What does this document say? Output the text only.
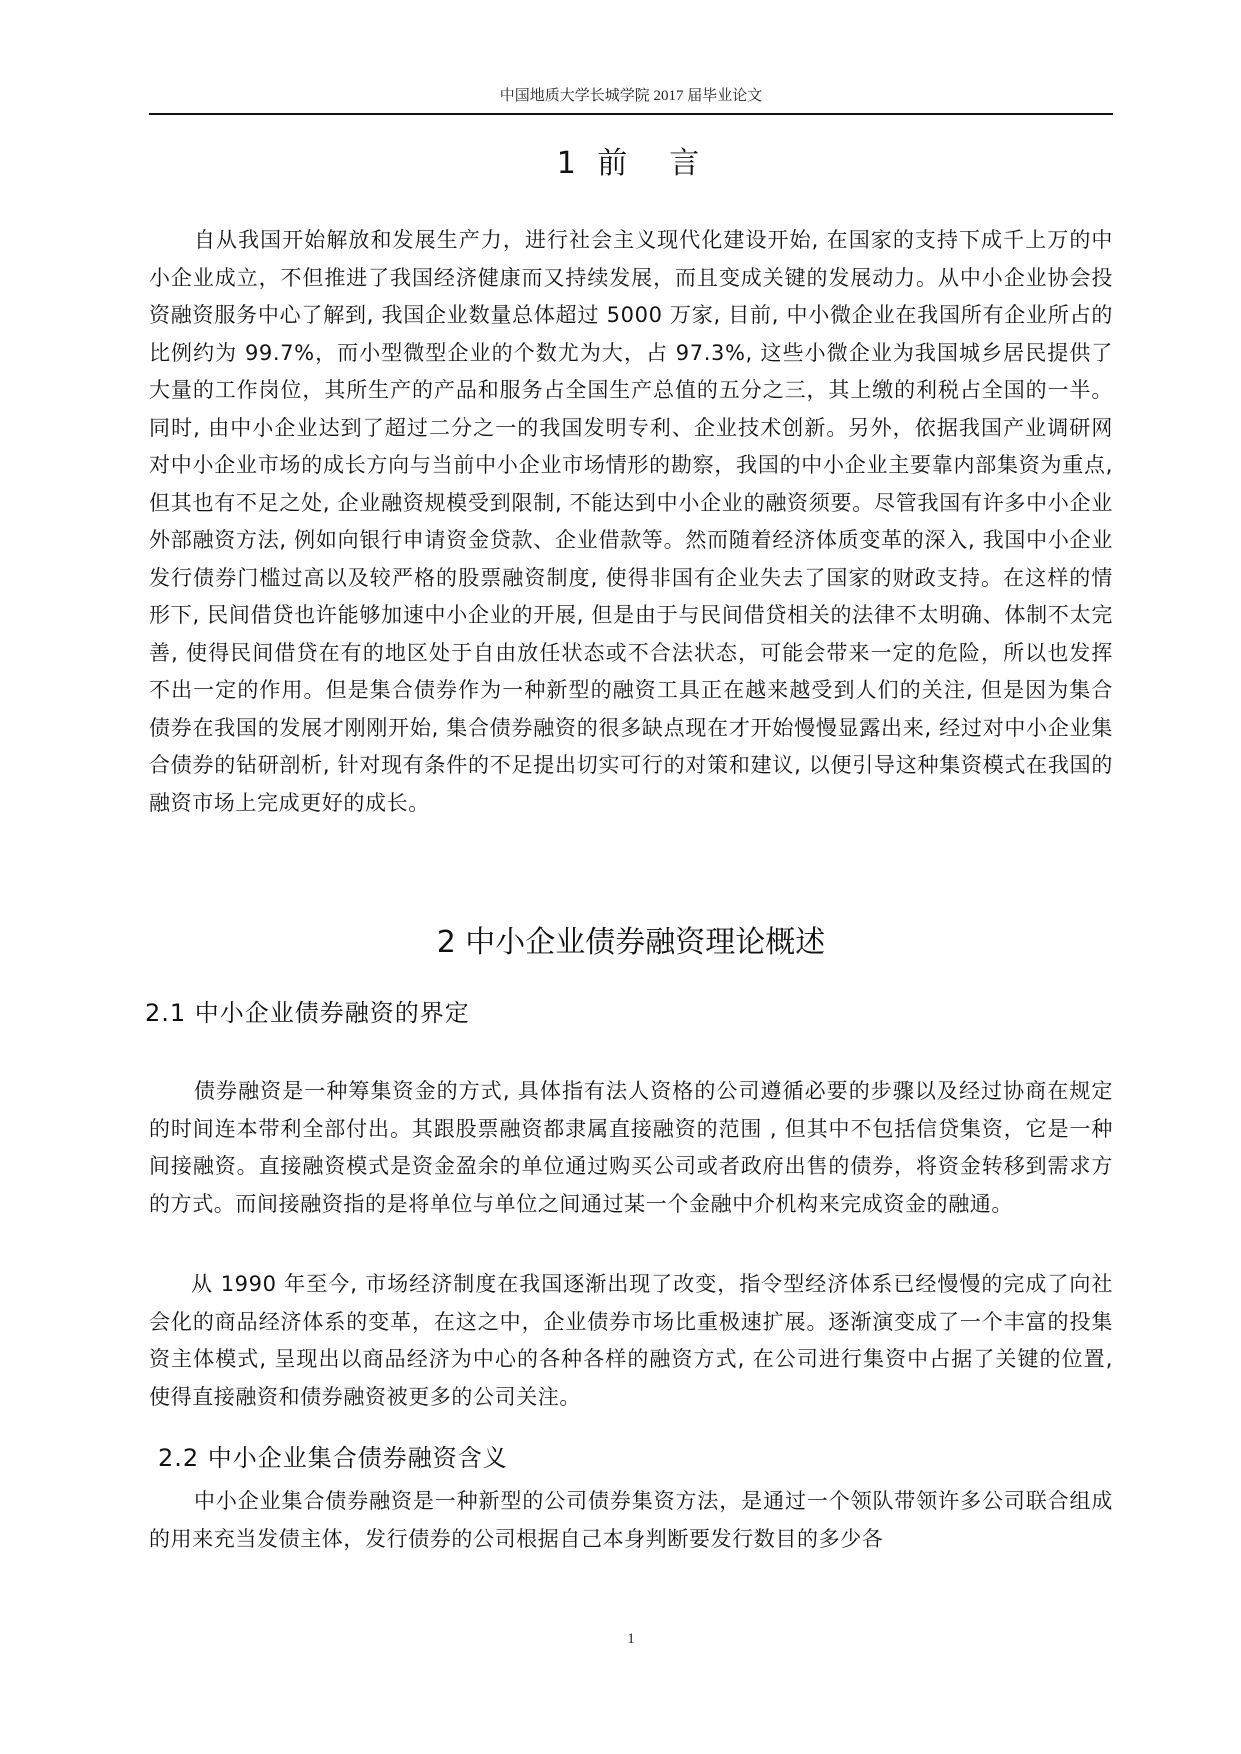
中国地质大学长城学院 2017 届毕业论文
1 前　言

自从我国开始解放和发展生产力，进行社会主义现代化建设开始, 在国家的支持下成千上万的中小企业成立，不但推进了我国经济健康而又持续发展，而且变成关键的发展动力。从中小企业协会投资融资服务中心了解到, 我国企业数量总体超过 5000 万家, 目前, 中小微企业在我国所有企业所占的　比例约为 99.7%，而小型微型企业的个数尤为大，占 97.3%, 这些小微企业为我国城乡居民提供了大量的工作岗位，其所生产的产品和服务占全国生产总值的五分之三，其上缴的利税占全国的一半。同时, 由中小企业达到了超过二分之一的我国发明专利、企业技术创新。另外，依据我国产业调研网对中小企业市场的成长方向与当前中小企业市场情形的勘察，我国的中小企业主要靠内部集资为重点, 但其也有不足之处, 企业融资规模受到限制, 不能达到中小企业的融资须要。尽管我国有许多中小企业外部融资方法, 例如向银行申请资金贷款、企业借款等。然而随着经济体质变革的深入, 我国中小企业发行债券门槛过高以及较严格的股票融资制度, 使得非国有企业失去了国家的财政支持。在这样的情形下, 民间借贷也许能够加速中小企业的开展, 但是由于与民间借贷相关的法律不太明确、体制不太完善, 使得民间借贷在有的地区处于自由放任状态或不合法状态，可能会带来一定的危险，所以也发挥不出一定的作用。但是集合债券作为一种新型的融资工具正在越来越受到人们的关注, 但是因为集合债券在我国的发展才刚刚开始, 集合债券融资的很多缺点现在才开始慢慢显露出来, 经过对中小企业集合债券的钻研剖析, 针对现有条件的不足提出切实可行的对策和建议, 以便引导这种集资模式在我国的融资市场上完成更好的成长。

2 中小企业债券融资理论概述
2.1 中小企业债券融资的界定

债券融资是一种筹集资金的方式, 具体指有法人资格的公司遵循必要的步骤以及经过协商在规定的时间连本带利全部付出。其跟股票融资都隶属直接融资的范围 , 但其中不包括信贷集资，它是一种间接融资。直接融资模式是资金盈余的单位通过购买公司或者政府出售的债券，将资金转移到需求方的方式。而间接融资指的是将单位与单位之间通过某一个金融中介机构来完成资金的融通。

从 1990 年至今, 市场经济制度在我国逐渐出现了改变，指令型经济体系已经慢慢的完成了向社会化的商品经济体系的变革，在这之中，企业债券市场比重极速扩展。逐渐演变成了一个丰富的投集资主体模式, 呈现出以商品经济为中心的各种各样的融资方式, 在公司进行集资中占据了关键的位置, 使得直接融资和债券融资被更多的公司关注。

2.2 中小企业集合债券融资含义

中小企业集合债券融资是一种新型的公司债券集资方法，是通过一个领队带领许多公司联合组成的用来充当发债主体，发行债券的公司根据自己本身判断要发行数目的多少各

1
